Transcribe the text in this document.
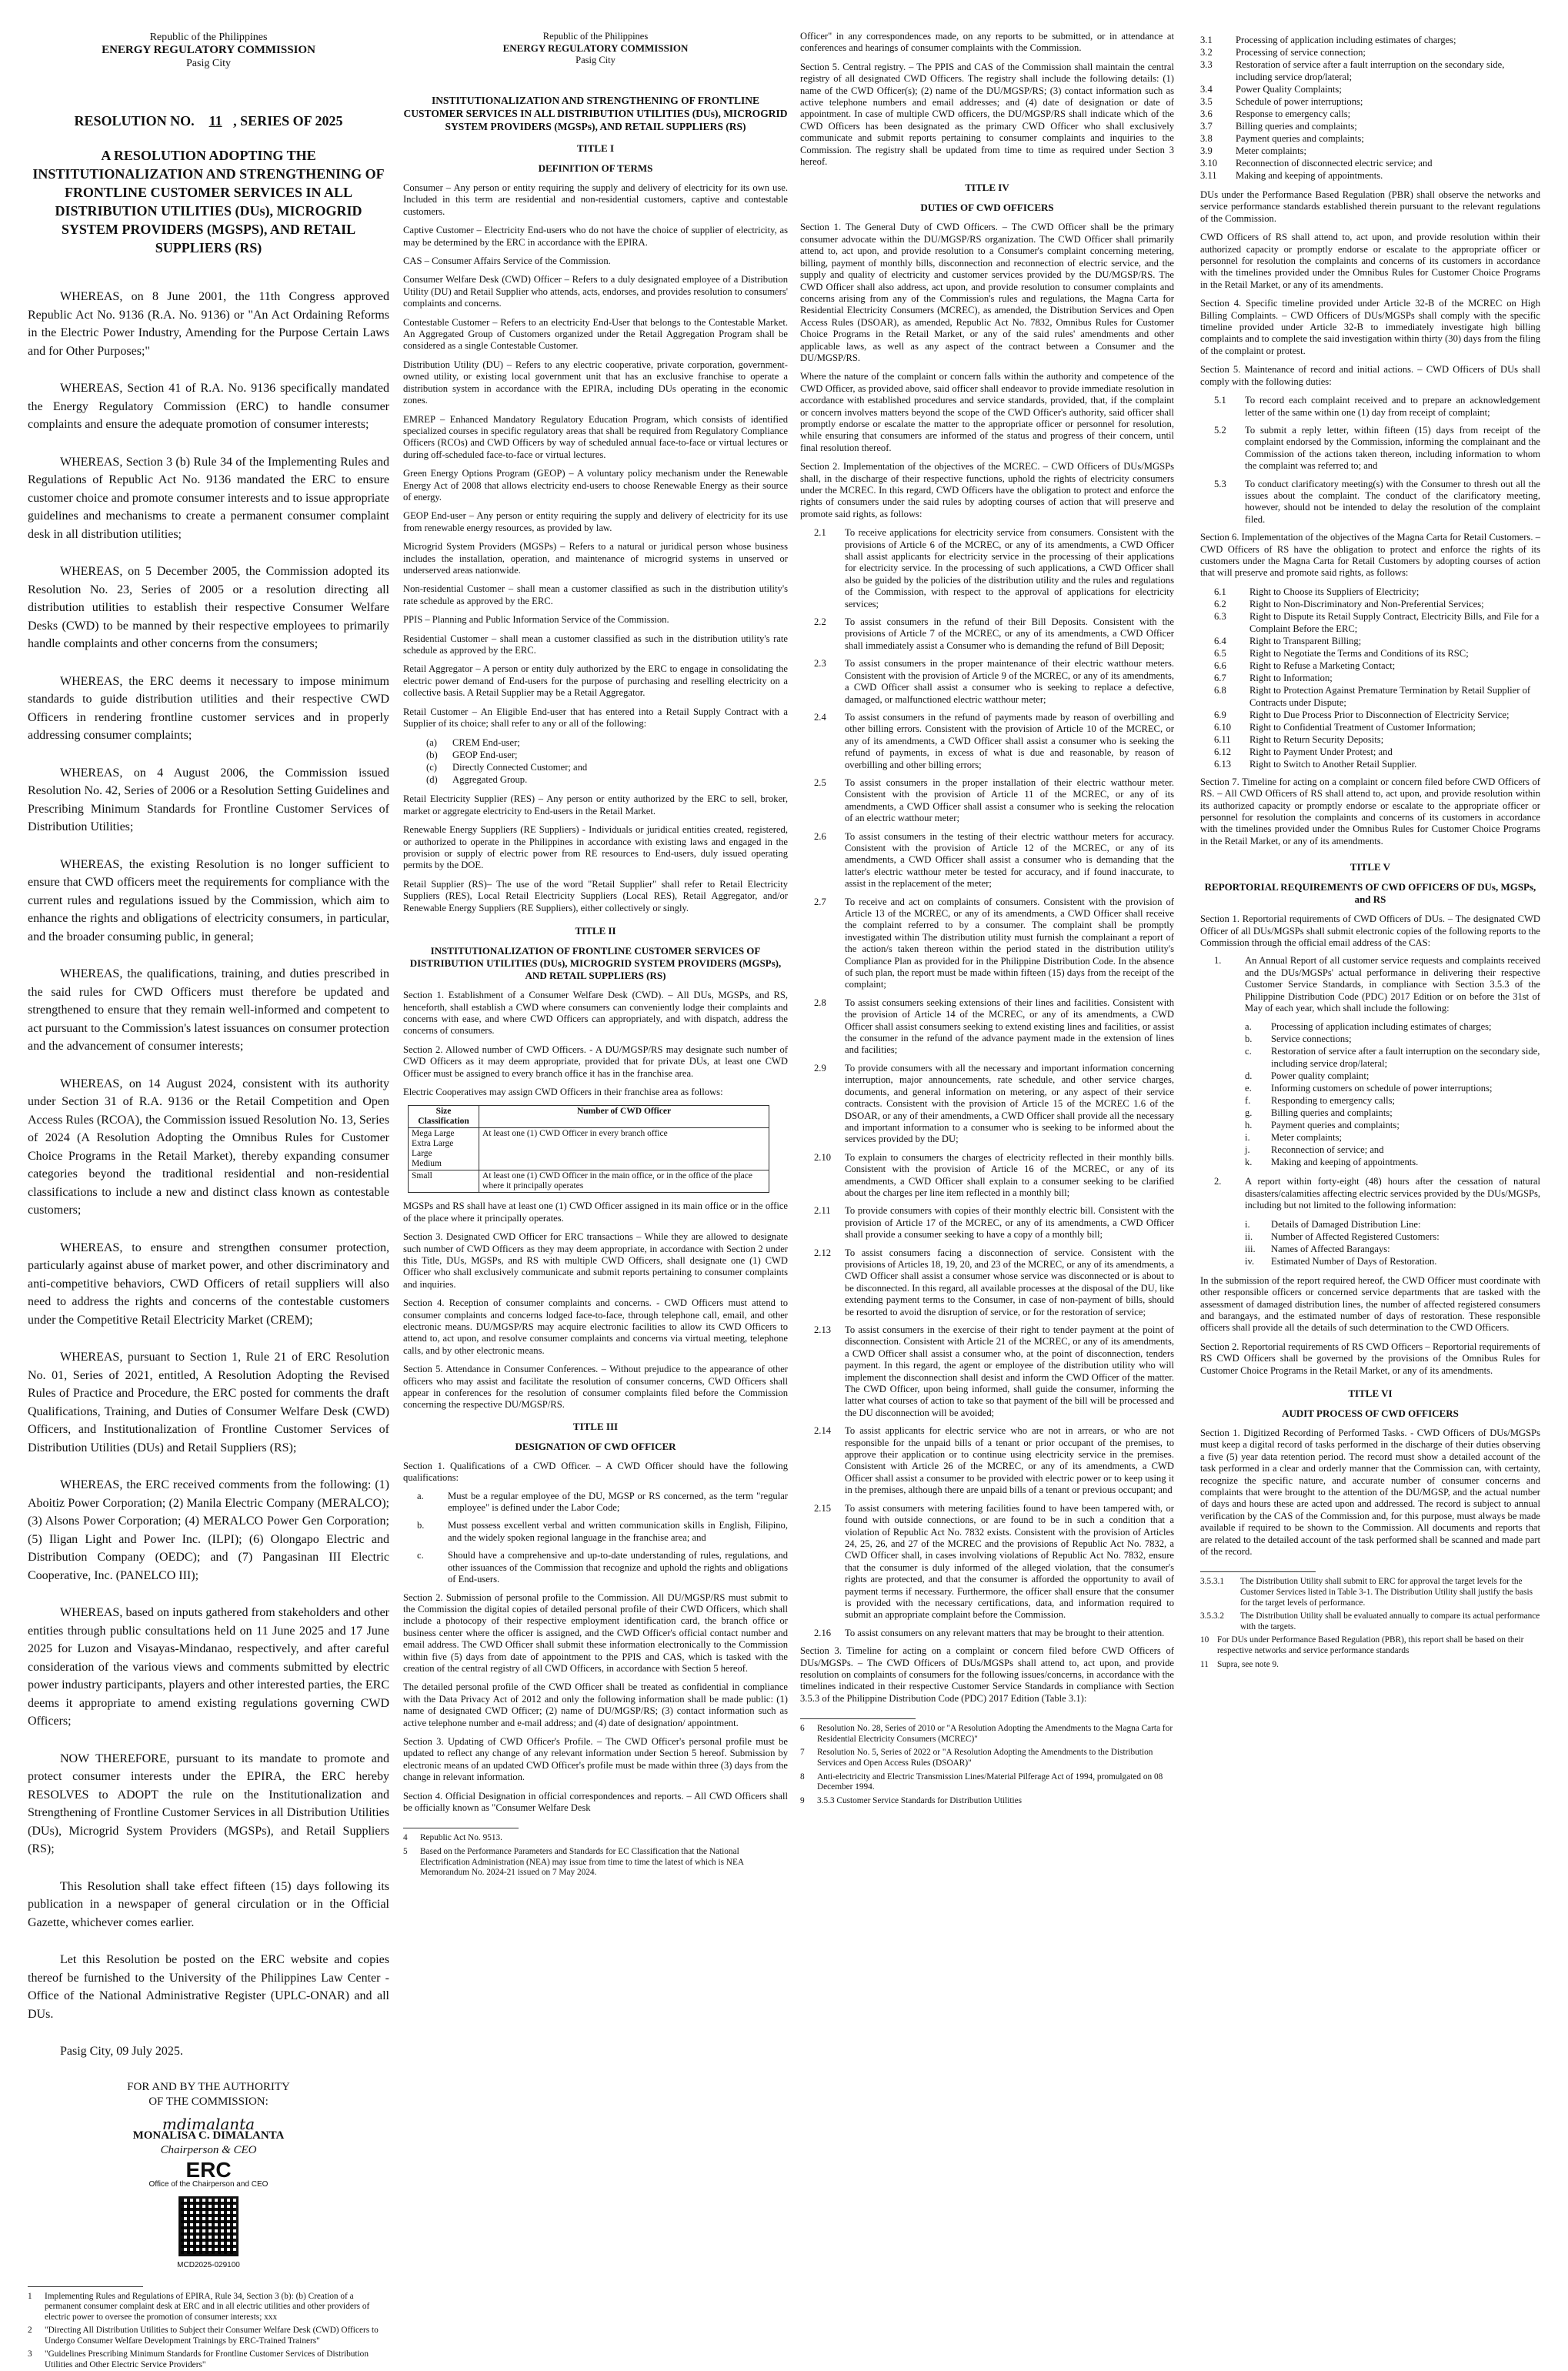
Republic of the Philippines
ENERGY REGULATORY COMMISSION
Pasig City
RESOLUTION NO. 11 , SERIES OF 2025
A RESOLUTION ADOPTING THE INSTITUTIONALIZATION AND STRENGTHENING OF FRONTLINE CUSTOMER SERVICES IN ALL DISTRIBUTION UTILITIES (DUs), MICROGRID SYSTEM PROVIDERS (MGSPS), AND RETAIL SUPPLIERS (RS)

WHEREAS, on 8 June 2001, the 11th Congress approved Republic Act No. 9136 (R.A. No. 9136) or "An Act Ordaining Reforms in the Electric Power Industry, Amending for the Purpose Certain Laws and for Other Purposes;"

WHEREAS, Section 41 of R.A. No. 9136 specifically mandated the Energy Regulatory Commission (ERC) to handle consumer complaints and ensure the adequate promotion of consumer interests;

WHEREAS, Section 3 (b) Rule 34 of the Implementing Rules and Regulations of Republic Act No. 9136 mandated the ERC to ensure customer choice and promote consumer interests and to issue appropriate guidelines and mechanisms to create a permanent consumer complaint desk in all distribution utilities;

WHEREAS, on 5 December 2005, the Commission adopted its Resolution No. 23, Series of 2005 or a resolution directing all distribution utilities to establish their respective Consumer Welfare Desks (CWD) to be manned by their respective employees to primarily handle complaints and other concerns from the consumers;

WHEREAS, the ERC deems it necessary to impose minimum standards to guide distribution utilities and their respective CWD Officers in rendering frontline customer services and in properly addressing consumer complaints;

WHEREAS, on 4 August 2006, the Commission issued Resolution No. 42, Series of 2006 or a Resolution Setting Guidelines and Prescribing Minimum Standards for Frontline Customer Services of Distribution Utilities;

WHEREAS, the existing Resolution is no longer sufficient to ensure that CWD officers meet the requirements for compliance with the current rules and regulations issued by the Commission, which aim to enhance the rights and obligations of electricity consumers, in particular, and the broader consuming public, in general;

WHEREAS, the qualifications, training, and duties prescribed in the said rules for CWD Officers must therefore be updated and strengthened to ensure that they remain well-informed and competent to act pursuant to the Commission's latest issuances on consumer protection and the advancement of consumer interests;

WHEREAS, on 14 August 2024, consistent with its authority under Section 31 of R.A. 9136 or the Retail Competition and Open Access Rules (RCOA), the Commission issued Resolution No. 13, Series of 2024 (A Resolution Adopting the Omnibus Rules for Customer Choice Programs in the Retail Market), thereby expanding consumer categories beyond the traditional residential and non-residential classifications to include a new and distinct class known as contestable customers;

WHEREAS, to ensure and strengthen consumer protection, particularly against abuse of market power, and other discriminatory and anti-competitive behaviors, CWD Officers of retail suppliers will also need to address the rights and concerns of the contestable customers under the Competitive Retail Electricity Market (CREM);

WHEREAS, pursuant to Section 1, Rule 21 of ERC Resolution No. 01, Series of 2021, entitled, A Resolution Adopting the Revised Rules of Practice and Procedure, the ERC posted for comments the draft Qualifications, Training, and Duties of Consumer Welfare Desk (CWD) Officers, and Institutionalization of Frontline Customer Services of Distribution Utilities (DUs) and Retail Suppliers (RS);

WHEREAS, the ERC received comments from the following: (1) Aboitiz Power Corporation; (2) Manila Electric Company (MERALCO); (3) Alsons Power Corporation; (4) MERALCO Power Gen Corporation; (5) Iligan Light and Power Inc. (ILPI); (6) Olongapo Electric and Distribution Company (OEDC); and (7) Pangasinan III Electric Cooperative, Inc. (PANELCO III);

WHEREAS, based on inputs gathered from stakeholders and other entities through public consultations held on 11 June 2025 and 17 June 2025 for Luzon and Visayas-Mindanao, respectively, and after careful consideration of the various views and comments submitted by electric power industry participants, players and other interested parties, the ERC deems it appropriate to amend existing regulations governing CWD Officers;

NOW THEREFORE, pursuant to its mandate to promote and protect consumer interests under the EPIRA, the ERC hereby RESOLVES to ADOPT the rule on the Institutionalization and Strengthening of Frontline Customer Services in all Distribution Utilities (DUs), Microgrid System Providers (MGSPs), and Retail Suppliers (RS);

This Resolution shall take effect fifteen (15) days following its publication in a newspaper of general circulation or in the Official Gazette, whichever comes earlier.

Let this Resolution be posted on the ERC website and copies thereof be furnished to the University of the Philippines Law Center - Office of the National Administrative Register (UPLC-ONAR) and all DUs.

Pasig City, 09 July 2025.

FOR AND BY THE AUTHORITY
OF THE COMMISSION:
mdimalanta
MONALISA C. DIMALANTA
Chairperson & CEO
ERC
Office of the Chairperson and CEO
MCD2025-029100
1	Implementing Rules and Regulations of EPIRA, Rule 34, Section 3 (b): (b) Creation of a permanent consumer complaint desk at ERC and in all electric utilities and other providers of electric power to oversee the promotion of consumer interests; xxx
2	"Directing All Distribution Utilities to Subject their Consumer Welfare Desk (CWD) Officers to Undergo Consumer Welfare Development Trainings by ERC-Trained Trainers"
3	"Guidelines Prescribing Minimum Standards for Frontline Customer Services of Distribution Utilities and Other Electric Service Providers"
Republic of the Philippines
ENERGY REGULATORY COMMISSION
Pasig City
INSTITUTIONALIZATION AND STRENGTHENING OF FRONTLINE CUSTOMER SERVICES IN ALL DISTRIBUTION UTILITIES (DUs), MICROGRID SYSTEM PROVIDERS (MGSPs), AND RETAIL SUPPLIERS (RS)
TITLE I
DEFINITION OF TERMS

Consumer – Any person or entity requiring the supply and delivery of electricity for its own use. Included in this term are residential and non-residential customers, captive and contestable customers.

Captive Customer – Electricity End-users who do not have the choice of supplier of electricity, as may be determined by the ERC in accordance with the EPIRA.

CAS – Consumer Affairs Service of the Commission.

Consumer Welfare Desk (CWD) Officer – Refers to a duly designated employee of a Distribution Utility (DU) and Retail Supplier who attends, acts, endorses, and provides resolution to consumers' complaints and concerns.

Contestable Customer – Refers to an electricity End-User that belongs to the Contestable Market. An Aggregated Group of Customers organized under the Retail Aggregation Program shall be considered as a single Contestable Customer.

Distribution Utility (DU) – Refers to any electric cooperative, private corporation, government-owned utility, or existing local government unit that has an exclusive franchise to operate a distribution system in accordance with the EPIRA, including DUs operating in the economic zones.

EMREP – Enhanced Mandatory Regulatory Education Program, which consists of identified specialized courses in specific regulatory areas that shall be required from Regulatory Compliance Officers (RCOs) and CWD Officers by way of scheduled annual face-to-face or virtual lectures or during off-scheduled face-to-face or virtual lectures.

Green Energy Options Program (GEOP) – A voluntary policy mechanism under the Renewable Energy Act of 2008 that allows electricity end-users to choose Renewable Energy as their source of energy.

GEOP End-user – Any person or entity requiring the supply and delivery of electricity for its use from renewable energy resources, as provided by law.

Microgrid System Providers (MGSPs) – Refers to a natural or juridical person whose business includes the installation, operation, and maintenance of microgrid systems in unserved or underserved areas nationwide.

Non-residential Customer – shall mean a customer classified as such in the distribution utility's rate schedule as approved by the ERC.

PPIS – Planning and Public Information Service of the Commission.

Residential Customer – shall mean a customer classified as such in the distribution utility's rate schedule as approved by the ERC.

Retail Aggregator – A person or entity duly authorized by the ERC to engage in consolidating the electric power demand of End-users for the purpose of purchasing and reselling electricity on a collective basis. A Retail Supplier may be a Retail Aggregator.

Retail Customer – An Eligible End-user that has entered into a Retail Supply Contract with a Supplier of its choice; shall refer to any or all of the following:

(a)	CREM End-user;
(b)	GEOP End-user;
(c)	Directly Connected Customer; and
(d)	Aggregated Group.

Retail Electricity Supplier (RES) – Any person or entity authorized by the ERC to sell, broker, market or aggregate electricity to End-users in the Retail Market.

Renewable Energy Suppliers (RE Suppliers) - Individuals or juridical entities created, registered, or authorized to operate in the Philippines in accordance with existing laws and engaged in the provision or supply of electric power from RE resources to End-users, duly issued operating permits by the DOE.

Retail Supplier (RS)– The use of the word "Retail Supplier" shall refer to Retail Electricity Suppliers (RES), Local Retail Electricity Suppliers (Local RES), Retail Aggregator, and/or Renewable Energy Suppliers (RE Suppliers), either collectively or singly.

TITLE II
INSTITUTIONALIZATION OF FRONTLINE CUSTOMER SERVICES OF DISTRIBUTION UTILITIES (DUs), MICROGRID SYSTEM PROVIDERS (MGSPs), AND RETAIL SUPPLIERS (RS)

Section 1. Establishment of a Consumer Welfare Desk (CWD). – All DUs, MGSPs, and RS, henceforth, shall establish a CWD where consumers can conveniently lodge their complaints and concerns with ease, and where CWD Officers can appropriately, and with dispatch, address the concerns of consumers.

Section 2. Allowed number of CWD Officers. - A DU/MGSP/RS may designate such number of CWD Officers as it may deem appropriate, provided that for private DUs, at least one CWD Officer must be assigned to every branch office it has in the franchise area.

Electric Cooperatives may assign CWD Officers in their franchise area as follows:

Size Classification	Number of CWD Officer

Mega Large
Extra Large
Large
Medium	At least one (1) CWD Officer in every branch office

Small	At least one (1) CWD Officer in the main office, or in the office of the place where it principally operates

MGSPs and RS shall have at least one (1) CWD Officer assigned in its main office or in the office of the place where it principally operates.

Section 3. Designated CWD Officer for ERC transactions – While they are allowed to designate such number of CWD Officers as they may deem appropriate, in accordance with Section 2 under this Title, DUs, MGSPs, and RS with multiple CWD Officers, shall designate one (1) CWD Officer who shall exclusively communicate and submit reports pertaining to consumer complaints and inquiries.

Section 4. Reception of consumer complaints and concerns. - CWD Officers must attend to consumer complaints and concerns lodged face-to-face, through telephone call, email, and other electronic means. DU/MGSP/RS may acquire electronic facilities to allow its CWD Officers to attend to, act upon, and resolve consumer complaints and concerns via virtual meeting, telephone calls, and by other electronic means.

Section 5. Attendance in Consumer Conferences. – Without prejudice to the appearance of other officers who may assist and facilitate the resolution of consumer concerns, CWD Officers shall appear in conferences for the resolution of consumer complaints filed before the Commission concerning the respective DU/MGSP/RS.

TITLE III
DESIGNATION OF CWD OFFICER
Section 1. Qualifications of a CWD Officer. – A CWD Officer should have the following qualifications:
a.	Must be a regular employee of the DU, MGSP or RS concerned, as the term "regular employee" is defined under the Labor Code;
b.	Must possess excellent verbal and written communication skills in English, Filipino, and the widely spoken regional language in the franchise area; and
c.	Should have a comprehensive and up-to-date understanding of rules, regulations, and other issuances of the Commission that recognize and uphold the rights and obligations of End-users.

Section 2. Submission of personal profile to the Commission. All DU/MGSP/RS must submit to the Commission the digital copies of detailed personal profile of their CWD Officers, which shall include a photocopy of their respective employment identification card, the branch office or business center where the officer is assigned, and the CWD Officer's official contact number and email address. The CWD Officer shall submit these information electronically to the Commission within five (5) days from date of appointment to the PPIS and CAS, which is tasked with the creation of the central registry of all CWD Officers, in accordance with Section 5 hereof.

The detailed personal profile of the CWD Officer shall be treated as confidential in compliance with the Data Privacy Act of 2012 and only the following information shall be made public: (1) name of designated CWD Officer; (2) name of DU/MGSP/RS; (3) contact information such as active telephone number and e-mail address; and (4) date of designation/ appointment.

Section 3. Updating of CWD Officer's Profile. – The CWD Officer's personal profile must be updated to reflect any change of any relevant information under Section 5 hereof. Submission by electronic means of an updated CWD Officer's profile must be made within three (3) days from the change in relevant information.

Section 4. Official Designation in official correspondences and reports. – All CWD Officers shall be officially known as "Consumer Welfare Desk

4	Republic Act No. 9513.
5	Based on the Performance Parameters and Standards for EC Classification that the National Electrification Administration (NEA) may issue from time to time the latest of which is NEA Memorandum No. 2024-21 issued on 7 May 2024.

Officer" in any correspondences made, on any reports to be submitted, or in attendance at conferences and hearings of consumer complaints with the Commission.

Section 5. Central registry. – The PPIS and CAS of the Commission shall maintain the central registry of all designated CWD Officers. The registry shall include the following details: (1) name of the CWD Officer(s); (2) name of the DU/MGSP/RS; (3) contact information such as active telephone numbers and email addresses; and (4) date of designation or date of appointment. In case of multiple CWD officers, the DU/MGSP/RS shall indicate which of the CWD Officers has been designated as the primary CWD Officer who shall exclusively communicate and submit reports pertaining to consumer complaints and inquiries to the Commission. The registry shall be updated from time to time as required under Section 3 hereof.

TITLE IV
DUTIES OF CWD OFFICERS

Section 1. The General Duty of CWD Officers. – The CWD Officer shall be the primary consumer advocate within the DU/MGSP/RS organization. The CWD Officer shall primarily attend to, act upon, and provide resolution to a Consumer's complaint concerning metering, billing, payment of monthly bills, disconnection and reconnection of electric service, and the supply and quality of electricity and customer services provided by the DU/MGSP/RS. The CWD Officer shall also address, act upon, and provide resolution to consumer complaints and concerns arising from any of the Commission's rules and regulations, the Magna Carta for Residential Electricity Consumers (MCREC), as amended, the Distribution Services and Open Access Rules (DSOAR), as amended, Republic Act No. 7832, Omnibus Rules for Customer Choice Programs in the Retail Market, or any of the said rules' amendments and other applicable laws, as well as any aspect of the contract between a Consumer and the DU/MGSP/RS.

Where the nature of the complaint or concern falls within the authority and competence of the CWD Officer, as provided above, said officer shall endeavor to provide immediate resolution in accordance with established procedures and service standards, provided, that, if the complaint or concern involves matters beyond the scope of the CWD Officer's authority, said officer shall promptly endorse or escalate the matter to the appropriate officer or personnel for resolution, while ensuring that consumers are informed of the status and progress of their concern, until final resolution thereof.

Section 2. Implementation of the objectives of the MCREC. – CWD Officers of DUs/MGSPs shall, in the discharge of their respective functions, uphold the rights of electricity consumers under the MCREC. In this regard, CWD Officers have the obligation to protect and enforce the rights of consumers under the said rules by adopting courses of action that will preserve and promote said rights, as follows:

2.1	To receive applications for electricity service from consumers. Consistent with the provisions of Article 6 of the MCREC, or any of its amendments, a CWD Officer shall assist applicants for electricity service in the processing of their applications for electricity service. In the processing of such applications, a CWD Officer shall also be guided by the policies of the distribution utility and the rules and regulations of the Commission, with respect to the approval of applications for electricity services;
2.2	To assist consumers in the refund of their Bill Deposits. Consistent with the provisions of Article 7 of the MCREC, or any of its amendments, a CWD Officer shall immediately assist a Consumer who is demanding the refund of Bill Deposit;
2.3	To assist consumers in the proper maintenance of their electric watthour meters. Consistent with the provision of Article 9 of the MCREC, or any of its amendments, a CWD Officer shall assist a consumer who is seeking to replace a defective, damaged, or malfunctioned electric watthour meter;
2.4	To assist consumers in the refund of payments made by reason of overbilling and other billing errors. Consistent with the provision of Article 10 of the MCREC, or any of its amendments, a CWD Officer shall assist a consumer who is seeking the refund of payments, in excess of what is due and reasonable, by reason of overbilling and other billing errors;
2.5	To assist consumers in the proper installation of their electric watthour meter. Consistent with the provision of Article 11 of the MCREC, or any of its amendments, a CWD Officer shall assist a consumer who is seeking the relocation of an electric watthour meter;
2.6	To assist consumers in the testing of their electric watthour meters for accuracy. Consistent with the provision of Article 12 of the MCREC, or any of its amendments, a CWD Officer shall assist a consumer who is demanding that the latter's electric watthour meter be tested for accuracy, and if found inaccurate, to assist in the replacement of the meter;
2.7	To receive and act on complaints of consumers. Consistent with the provision of Article 13 of the MCREC, or any of its amendments, a CWD Officer shall receive the complaint referred to by a consumer. The complaint shall be promptly investigated within The distribution utility must furnish the complainant a report of the action/s taken thereon within the period stated in the distribution utility's Compliance Plan as provided for in the Philippine Distribution Code. In the absence of such plan, the report must be made within fifteen (15) days from the receipt of the complaint;
2.8	To assist consumers seeking extensions of their lines and facilities. Consistent with the provision of Article 14 of the MCREC, or any of its amendments, a CWD Officer shall assist consumers seeking to extend existing lines and facilities, or assist the consumer in the refund of the advance payment made in the extension of lines and facilities;
2.9	To provide consumers with all the necessary and important information concerning interruption, major announcements, rate schedule, and other service charges, documents, and general information on metering, or any aspect of their service contracts. Consistent with the provision of Article 15 of the MCREC 1.6 of the DSOAR, or any of their amendments, a CWD Officer shall provide all the necessary and important information to a consumer who is seeking to be informed about the services provided by the DU;
2.10	To explain to consumers the charges of electricity reflected in their monthly bills. Consistent with the provision of Article 16 of the MCREC, or any of its amendments, a CWD Officer shall explain to a consumer seeking to be clarified about the charges per line item reflected in a monthly bill;
2.11	To provide consumers with copies of their monthly electric bill. Consistent with the provision of Article 17 of the MCREC, or any of its amendments, a CWD Officer shall provide a consumer seeking to have a copy of a monthly bill;
2.12	To assist consumers facing a disconnection of service. Consistent with the provisions of Articles 18, 19, 20, and 23 of the MCREC, or any of its amendments, a CWD Officer shall assist a consumer whose service was disconnected or is about to be disconnected. In this regard, all available processes at the disposal of the DU, like extending payment terms to the Consumer, in case of non-payment of bills, should be resorted to avoid the disruption of service, or for the restoration of service;
2.13	To assist consumers in the exercise of their right to tender payment at the point of disconnection. Consistent with Article 21 of the MCREC, or any of its amendments, a CWD Officer shall assist a consumer who, at the point of disconnection, tenders payment. In this regard, the agent or employee of the distribution utility who will implement the disconnection shall desist and inform the CWD Officer of the matter. The CWD Officer, upon being informed, shall guide the consumer, informing the latter what courses of action to take so that payment of the bill will be processed and the DU disconnection will be avoided;
2.14	To assist applicants for electric service who are not in arrears, or who are not responsible for the unpaid bills of a tenant or prior occupant of the premises, to approve their application or to continue using electricity service in the premises. Consistent with Article 26 of the MCREC, or any of its amendments, a CWD Officer shall assist a consumer to be provided with electric power or to keep using it in the premises, although there are unpaid bills of a tenant or previous occupant; and
2.15	To assist consumers with metering facilities found to have been tampered with, or found with outside connections, or are found to be in such a condition that a violation of Republic Act No. 7832 exists. Consistent with the provision of Articles 24, 25, 26, and 27 of the MCREC and the provisions of Republic Act No. 7832, a CWD Officer shall, in cases involving violations of Republic Act No. 7832, ensure that the consumer is duly informed of the alleged violation, that the consumer's rights are protected, and that the consumer is afforded the opportunity to avail of payment terms if necessary. Furthermore, the officer shall ensure that the consumer is provided with the necessary certifications, data, and information required to submit an appropriate complaint before the Commission.
2.16	To assist consumers on any relevant matters that may be brought to their attention.
Section 3. Timeline for acting on a complaint or concern filed before CWD Officers of DUs/MGSPs. – The CWD Officers of DUs/MGSPs shall attend to, act upon, and provide resolution on complaints of consumers for the following issues/concerns, in accordance with the timelines indicated in their respective Customer Service Standards in compliance with Section 3.5.3 of the Philippine Distribution Code (PDC) 2017 Edition (Table 3.1):
6	Resolution No. 28, Series of 2010 or "A Resolution Adopting the Amendments to the Magna Carta for Residential Electricity Consumers (MCREC)"
7	Resolution No. 5, Series of 2022 or "A Resolution Adopting the Amendments to the Distribution Services and Open Access Rules (DSOAR)"
8	Anti-electricity and Electric Transmission Lines/Material Pilferage Act of 1994, promulgated on 08 December 1994.
9	3.5.3 Customer Service Standards for Distribution Utilities
3.1	Processing of application including estimates of charges;
3.2	Processing of service connection;
3.3	Restoration of service after a fault interruption on the secondary side, including service drop/lateral;
3.4	Power Quality Complaints;
3.5	Schedule of power interruptions;
3.6	Response to emergency calls;
3.7	Billing queries and complaints;
3.8	Payment queries and complaints;
3.9	Meter complaints;
3.10	Reconnection of disconnected electric service; and
3.11	Making and keeping of appointments.

DUs under the Performance Based Regulation (PBR) shall observe the networks and service performance standards established therein pursuant to the relevant regulations of the Commission.

CWD Officers of RS shall attend to, act upon, and provide resolution within their authorized capacity or promptly endorse or escalate to the appropriate officer or personnel for resolution the complaints and concerns of its customers in accordance with the timelines provided under the Omnibus Rules for Customer Choice Programs in the Retail Market, or any of its amendments.

Section 4. Specific timeline provided under Article 32-B of the MCREC on High Billing Complaints. – CWD Officers of DUs/MGSPs shall comply with the specific timeline provided under Article 32-B to immediately investigate high billing complaints and to complete the said investigation within thirty (30) days from the filing of the complaint or protest.

Section 5. Maintenance of record and initial actions. – CWD Officers of DUs shall comply with the following duties:

5.1	To record each complaint received and to prepare an acknowledgement letter of the same within one (1) day from receipt of complaint;
5.2	To submit a reply letter, within fifteen (15) days from receipt of the complaint endorsed by the Commission, informing the complainant and the Commission of the actions taken thereon, including information to whom the complaint was referred to; and
5.3	To conduct clarificatory meeting(s) with the Consumer to thresh out all the issues about the complaint. The conduct of the clarificatory meeting, however, should not be intended to delay the resolution of the complaint filed.
Section 6. Implementation of the objectives of the Magna Carta for Retail Customers. – CWD Officers of RS have the obligation to protect and enforce the rights of its customers under the Magna Carta for Retail Customers by adopting courses of action that will preserve and promote said rights, as follows:
6.1	Right to Choose its Suppliers of Electricity;
6.2	Right to Non-Discriminatory and Non-Preferential Services;
6.3	Right to Dispute its Retail Supply Contract, Electricity Bills, and File for a Complaint Before the ERC;
6.4	Right to Transparent Billing;
6.5	Right to Negotiate the Terms and Conditions of its RSC;
6.6	Right to Refuse a Marketing Contact;
6.7	Right to Information;
6.8	Right to Protection Against Premature Termination by Retail Supplier of Contracts under Dispute;
6.9	Right to Due Process Prior to Disconnection of Electricity Service;
6.10	Right to Confidential Treatment of Customer Information;
6.11	Right to Return Security Deposits;
6.12	Right to Payment Under Protest; and
6.13	Right to Switch to Another Retail Supplier.
Section 7. Timeline for acting on a complaint or concern filed before CWD Officers of RS. – All CWD Officers of RS shall attend to, act upon, and provide resolution within its authorized capacity or promptly endorse or escalate to the appropriate officer or personnel for resolution the complaints and concerns of its customers in accordance with the timelines provided under the Omnibus Rules for Customer Choice Programs in the Retail Market, or any of its amendments.
TITLE V
REPORTORIAL REQUIREMENTS OF CWD OFFICERS OF DUs, MGSPs, and RS
Section 1. Reportorial requirements of CWD Officers of DUs. – The designated CWD Officer of all DUs/MGSPs shall submit electronic copies of the following reports to the Commission through the official email address of the CAS:
1.	An Annual Report of all customer service requests and complaints received and the DUs/MGSPs' actual performance in delivering their respective Customer Service Standards, in compliance with Section 3.5.3 of the Philippine Distribution Code (PDC) 2017 Edition or on before the 31st of May of each year, which shall include the following:
a.	Processing of application including estimates of charges;
b.	Service connections;
c.	Restoration of service after a fault interruption on the secondary side, including service drop/lateral;
d.	Power quality complaint;
e.	Informing customers on schedule of power interruptions;
f.	Responding to emergency calls;
g.	Billing queries and complaints;
h.	Payment queries and complaints;
i.	Meter complaints;
j.	Reconnection of service; and
k.	Making and keeping of appointments.
2.	A report within forty-eight (48) hours after the cessation of natural disasters/calamities affecting electric services provided by the DUs/MGSPs, including but not limited to the following information:
i.	Details of Damaged Distribution Line:
ii.	Number of Affected Registered Customers:
iii.	Names of Affected Barangays:
iv.	Estimated Number of Days of Restoration.

In the submission of the report required hereof, the CWD Officer must coordinate with other responsible officers or concerned service departments that are tasked with the assessment of damaged distribution lines, the number of affected registered consumers and barangays, and the estimated number of days of restoration. These responsible officers shall provide all the details of such determination to the CWD Officers.

Section 2. Reportorial requirements of RS CWD Officers – Reportorial requirements of RS CWD Officers shall be governed by the provisions of the Omnibus Rules for Customer Choice Programs in the Retail Market, or any of its amendments.

TITLE VI
AUDIT PROCESS OF CWD OFFICERS
Section 1. Digitized Recording of Performed Tasks. - CWD Officers of DUs/MGSPs must keep a digital record of tasks performed in the discharge of their duties observing a five (5) year data retention period. The record must show a detailed account of the task performed in a clear and orderly manner that the Commission can, with certainty, recognize the specific nature, and accurate number of consumer concerns and complaints that were brought to the attention of the DU/MGSP, and the actual number of days and hours these are acted upon and addressed. The record is subject to annual verification by the CAS of the Commission and, for this purpose, must always be made available if required to be shown to the Commission. All documents and reports that are related to the detailed account of the task performed shall be scanned and made part of the record.
3.5.3.1	The Distribution Utility shall submit to ERC for approval the target levels for the Customer Services listed in Table 3-1. The Distribution Utility shall justify the basis for the target levels of performance.
3.5.3.2	The Distribution Utility shall be evaluated annually to compare its actual performance with the targets.
10 For DUs under Performance Based Regulation (PBR), this report shall be based on their respective networks and service performance standards
11 Supra, see note 9.
